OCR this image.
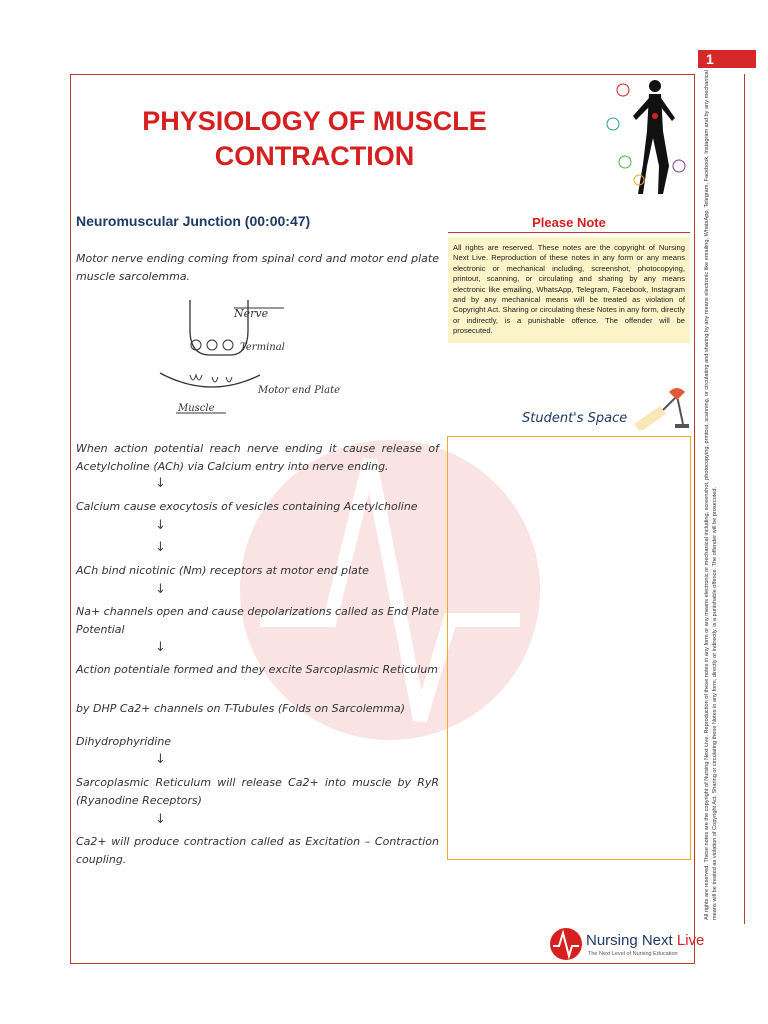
1
PHYSIOLOGY OF MUSCLE
CONTRACTION
Neuromuscular Junction (00:00:47)
Motor nerve ending coming from spinal cord and motor end plate muscle sarcolemma.
Nerve
Terminal
Motor end Plate
Muscle
When action potential reach nerve ending it cause release of Acetylcholine (ACh) via Calcium entry into nerve ending.
↓
Calcium cause exocytosis of vesicles containing Acetylcholine
↓
↓
ACh bind nicotinic (Nm) receptors at motor end plate
↓
Na+ channels open and cause depolarizations called as End Plate Potential
↓
Action potentiale formed and they excite Sarcoplasmic Reticulum
by DHP Ca2+ channels on T-Tubules (Folds on Sarcolemma)
Dihydrophyridine
↓
Sarcoplasmic Reticulum will release Ca2+ into muscle by RyR (Ryanodine Receptors)
↓
Ca2+ will produce contraction called as Excitation – Contraction coupling.
Please Note
All rights are reserved. These notes are the copyright of Nursing Next Live. Reproduction of these notes in any form or any means electronic or mechanical including, screenshot, photocopying, printout, scanning, or circulating and sharing by any means electronic like emailing, WhatsApp, Telegram, Facebook, Instagram and by any mechanical means will be treated as violation of Copyright Act. Sharing or circulating these Notes in any form, directly or indirectly, is a punishable offence. The offender will be prosecuted.
Student's Space	All rights are reserved. These notes are the copyright of Nursing Next Live. Reproduction of these notes in any form or any means electronic or mechanical including, screenshot, photocopying, printout, scanning, or circulating and sharing by any means electronic like emailing, WhatsApp, Telegram, Facebook, Instagram and by any mechanical means will be treated as violation of Copyright Act. Sharing or circulating these Notes in any form, directly or indirectly, is a punishable offence. The offender will be prosecuted.
Nursing Next Live
The Next Level of Nursing Education
